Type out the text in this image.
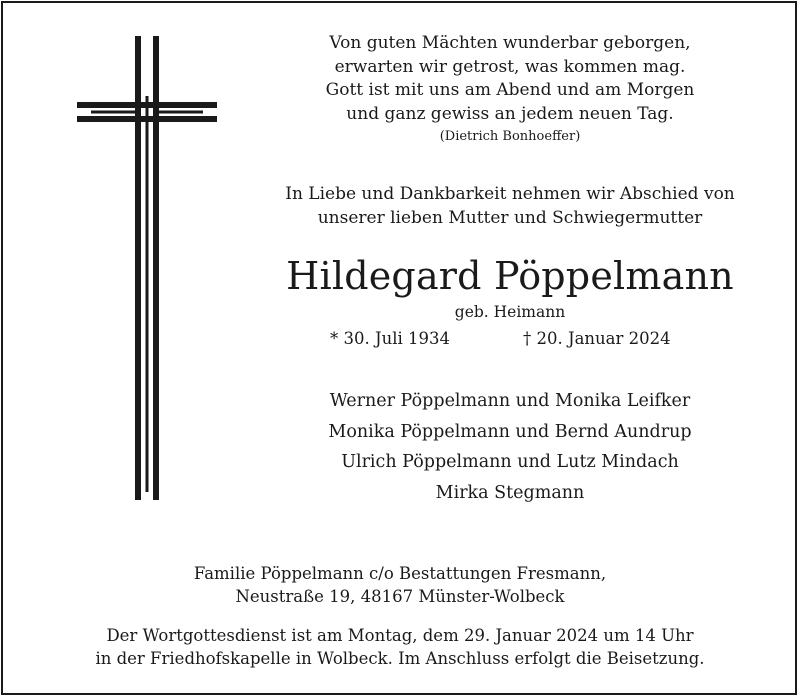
Von guten Mächten wunderbar geborgen,
erwarten wir getrost, was kommen mag.
Gott ist mit uns am Abend und am Morgen
und ganz gewiss an jedem neuen Tag.
(Dietrich Bonhoeffer)
In Liebe und Dankbarkeit nehmen wir Abschied von
unserer lieben Mutter und Schwiegermutter
Hildegard Pöppelmann
geb. Heimann
* 30. Juli 1934	† 20. Januar 2024
Werner Pöppelmann und Monika Leifker
Monika Pöppelmann und Bernd Aundrup
Ulrich Pöppelmann und Lutz Mindach
Mirka Stegmann
Familie Pöppelmann c/o Bestattungen Fresmann,
Neustraße 19, 48167 Münster-Wolbeck
Der Wortgottesdienst ist am Montag, dem 29. Januar 2024 um 14 Uhr
in der Friedhofskapelle in Wolbeck. Im Anschluss erfolgt die Beisetzung.
